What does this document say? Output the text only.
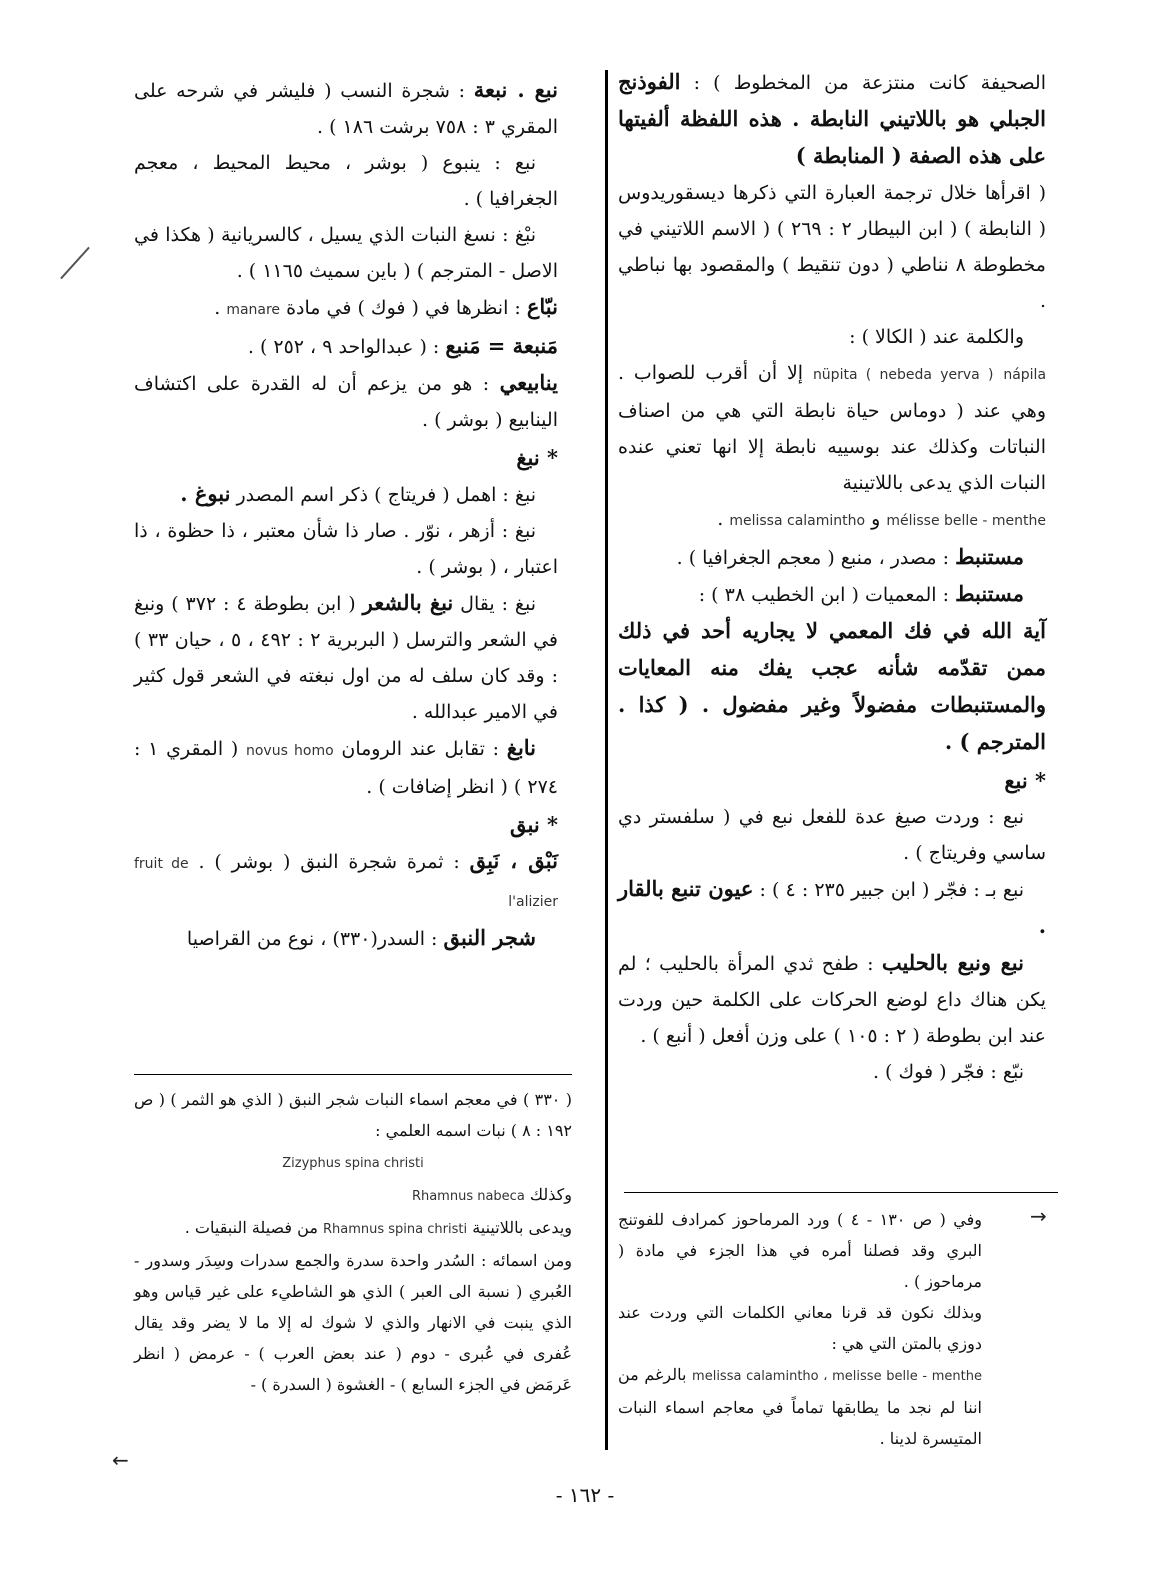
الصحيفة كانت منتزعة من المخطوط ) : الفوذنج الجبلي هو باللاتيني النابطة . هذه اللفظة ألفيتها على هذه الصفة ( المنابطة )

( اقرأها خلال ترجمة العبارة التي ذكرها ديسقوريدوس ( النابطة ) ( ابن البيطار ٢ : ٢٦٩ ) ( الاسم اللاتيني في مخطوطة ٨ نناطي ( دون تنقيط ) والمقصود بها نباطي .

والكلمة عند ( الكالا ) :

nüpita ( nebeda yerva ) nápila إلا أن أقرب للصواب . وهي عند ( دوماس حياة نابطة التي هي من اصناف النباتات وكذلك عند بوسييه نابطة إلا انها تعني عنده النبات الذي يدعى باللاتينية

mélisse belle - menthe و melissa calamintho .

مستنبط : مصدر ، منبع ( معجم الجغرافيا ) .

مستنبط : المعميات ( ابن الخطيب ٣٨ ) :

آية الله في فك المعمي لا يجاريه أحد في ذلك ممن تقدّمه شأنه عجب يفك منه المعايات والمستنبطات مفضولاً وغير مفضول . ( كذا . المترجم ) .

* نبع

نبع : وردت صيغ عدة للفعل نبع في ( سلفستر دي ساسي وفريتاج ) .

نبع بـ : فجّر ( ابن جبير ٢٣٥ : ٤ ) : عيون تنبع بالقار .

نبع ونبع بالحليب : طفح ثدي المرأة بالحليب ؛ لم يكن هناك داع لوضع الحركات على الكلمة حين وردت عند ابن بطوطة ( ٢ : ١٠٥ ) على وزن أفعل ( أنبع ) .

نبّع : فجّر ( فوك ) .

نبع . نبعة : شجرة النسب ( فليشر في شرحه على المقري ٣ : ٧٥٨ برشت ١٨٦ ) .

نبع : ينبوع ( بوشر ، محيط المحيط ، معجم الجغرافيا ) .

نبْغ : نسغ النبات الذي يسيل ، كالسريانية ( هكذا في الاصل - المترجم ) ( باين سميث ١١٦٥ ) .

نبّاع : انظرها في ( فوك ) في مادة manare .

مَنبعة = مَنبع : ( عبدالواحد ٩ ، ٢٥٢ ) .

ينابيعي : هو من يزعم أن له القدرة على اكتشاف الينابيع ( بوشر ) .

* نبغ

نبغ : اهمل ( فريتاج ) ذكر اسم المصدر نبوغ .

نبغ : أزهر ، نوّر . صار ذا شأن معتبر ، ذا حظوة ، ذا اعتبار ، ( بوشر ) .

نبغ : يقال نبغ بالشعر ( ابن بطوطة ٤ : ٣٧٢ ) ونبغ في الشعر والترسل ( البربرية ٢ : ٤٩٢ ، ٥ ، حيان ٣٣ ) : وقد كان سلف له من اول نبغته في الشعر قول كثير في الامير عبدالله .

نابغ : تقابل عند الرومان novus homo ( المقري ١ : ٢٧٤ ) ( انظر إضافات ) .

* نبق

نَبْق ، نَبِق : ثمرة شجرة النبق ( بوشر ) . fruit de l'alizier

شجر النبق : السدر(٣٣٠) ، نوع من القراصيا

( ٣٣٠ ) في معجم اسماء النبات شجر النبق ( الذي هو الثمر ) ( ص ١٩٢ : ٨ ) نبات اسمه العلمي :

Zizyphus spina christi

وكذلك Rhamnus nabeca

ويدعى باللاتينية Rhamnus spina christi من فصيلة النبقيات .

ومن اسمائه : السُدر واحدة سدرة والجمع سدرات وسِدَر وسدور - العُبري ( نسبة الى العبر ) الذي هو الشاطيء على غير قياس وهو الذي ينبت في الانهار والذي لا شوك له إلا ما لا يضر وقد يقال عُفرى في عُبرى - دوم ( عند بعض العرب ) - عرمض ( انظر عَرمَض في الجزء السابع ) - الغشوة ( السدرة ) -

وفي ( ص ١٣٠ - ٤ ) ورد المرماحوز كمرادف للفوتنج البري وقد فصلنا أمره في هذا الجزء في مادة ( مرماحوز ) .

وبذلك نكون قد قرنا معاني الكلمات التي وردت عند دوزي بالمتن التي هي :

melissa calamintho ، melisse belle - menthe بالرغم من اننا لم نجد ما يطابقها تماماً في معاجم اسماء النبات المتيسرة لدينا .

→
←
- ١٦٢ -
